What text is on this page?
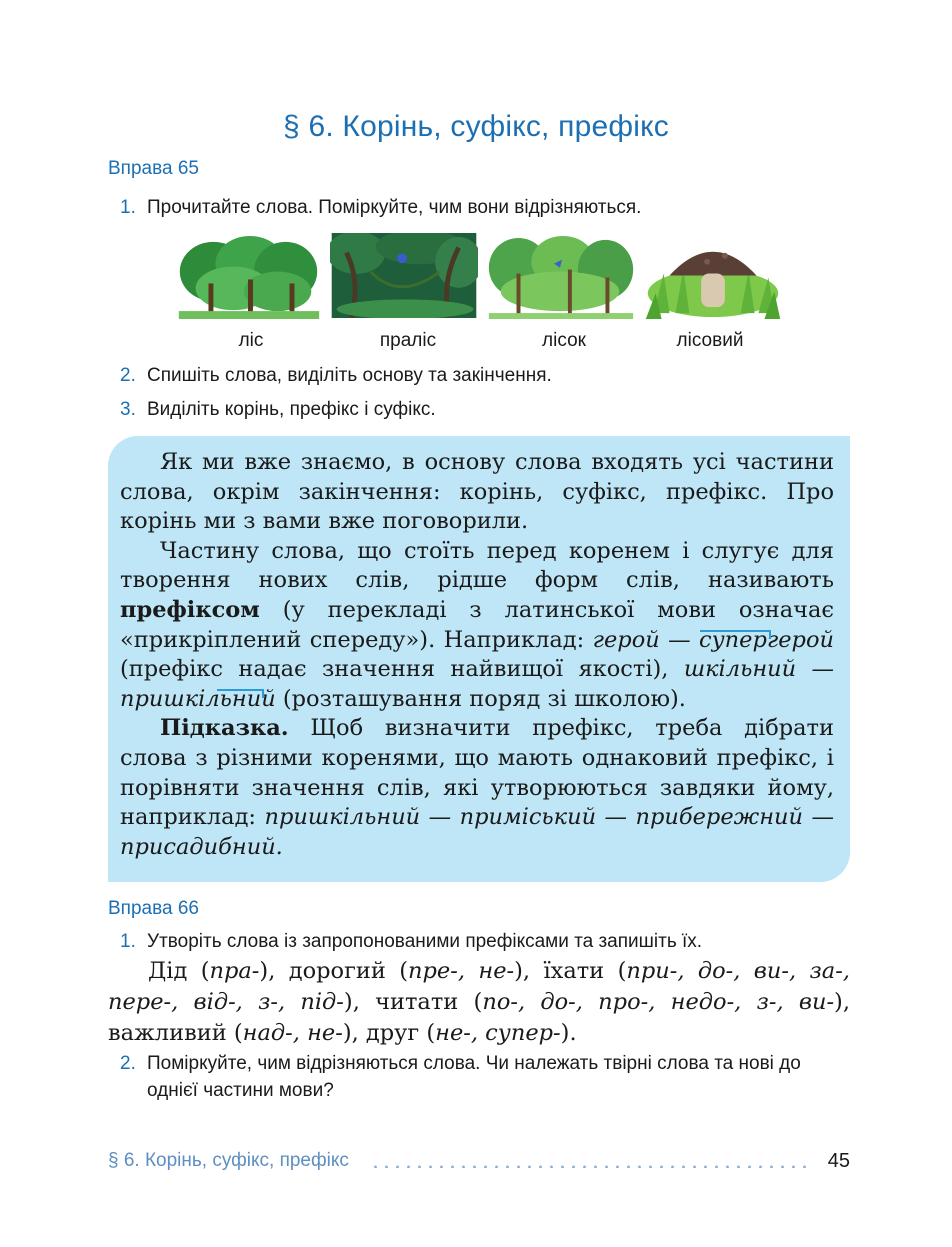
§ 6. Корінь, суфікс, префікс
Вправа 65
1. Прочитайте слова. Поміркуйте, чим вони відрізняються.
ліс	праліс	лісок	лісовий
2. Спишіть слова, виділіть основу та закінчення.
3. Виділіть корінь, префікс і суфікс.

Як ми вже знаємо, в основу слова входять усі частини слова, окрім закінчення: корінь, суфікс, префікс. Про корінь ми з вами вже поговорили.

Частину слова, що стоїть перед коренем і слугує для творення нових слів, рідше форм слів, називають префіксом (у перекладі з латинської мови означає «прикріплений спереду»). Наприклад: герой — супергерой (префікс надає значення найвищої якості), шкільний — пришкільний (розташування поряд зі школою).

Підказка. Щоб визначити префікс, треба дібрати слова з різними коренями, що мають однаковий префікс, і порівняти значення слів, які утворюються завдяки йому, наприклад: пришкільний — приміський — прибережний — присадибний.

Вправа 66
1. Утворіть слова із запропонованими префіксами та запишіть їх.

Дід (пра-), дорогий (пре-, не-), їхати (при-, до-, ви-, за-, пере-, від-, з-, під-), читати (по-, до-, про-, недо-, з-, ви-), важливий (над-, не-), друг (не-, супер-).

2. Поміркуйте, чим відрізняються слова. Чи належать твірні слова та нові до однієї частини мови?
§ 6. Корінь, суфікс, префікс	45
